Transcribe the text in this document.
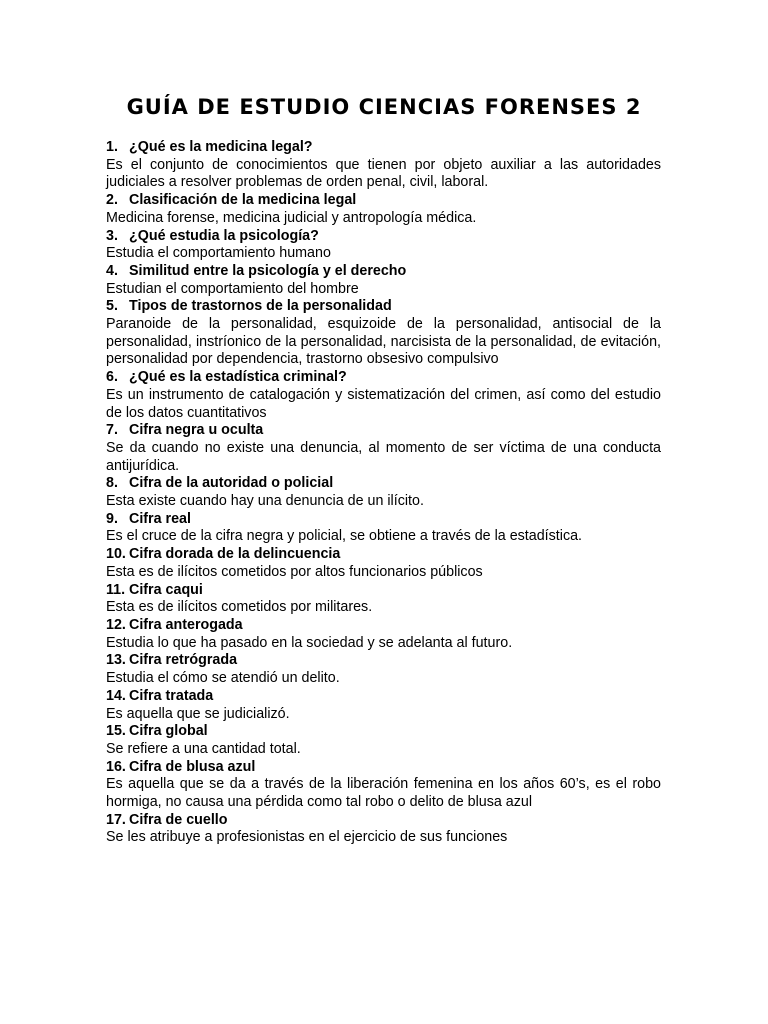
GUÍA DE ESTUDIO CIENCIAS FORENSES 2
1. ¿Qué es la medicina legal?

Es el conjunto de conocimientos que tienen por objeto auxiliar a las autoridades judiciales a resolver problemas de orden penal, civil, laboral.

2. Clasificación de la medicina legal

Medicina forense, medicina judicial y antropología médica.

3. ¿Qué estudia la psicología?

Estudia el comportamiento humano

4. Similitud entre la psicología y el derecho

Estudian el comportamiento del hombre

5. Tipos de trastornos de la personalidad

Paranoide de la personalidad, esquizoide de la personalidad, antisocial de la personalidad, instríonico de la personalidad, narcisista de la personalidad, de evitación, personalidad por dependencia, trastorno obsesivo compulsivo

6. ¿Qué es la estadística criminal?

Es un instrumento de catalogación y sistematización del crimen, así como del estudio de los datos cuantitativos

7. Cifra negra u oculta

Se da cuando no existe una denuncia, al momento de ser víctima de una conducta antijurídica.

8. Cifra de la autoridad o policial

Esta existe cuando hay una denuncia de un ilícito.

9. Cifra real

Es el cruce de la cifra negra y policial, se obtiene a través de la estadística.

10. Cifra dorada de la delincuencia

Esta es de ilícitos cometidos por altos funcionarios públicos

11. Cifra caqui

Esta es de ilícitos cometidos por militares.

12. Cifra anterogada

Estudia lo que ha pasado en la sociedad y se adelanta al futuro.

13. Cifra retrógrada

Estudia el cómo se atendió un delito.

14. Cifra tratada

Es aquella que se judicializó.

15. Cifra global

Se refiere a una cantidad total.

16. Cifra de blusa azul

Es aquella que se da a través de la liberación femenina en los años 60’s, es el robo hormiga, no causa una pérdida como tal robo o delito de blusa azul

17. Cifra de cuello

Se les atribuye a profesionistas en el ejercicio de sus funciones
